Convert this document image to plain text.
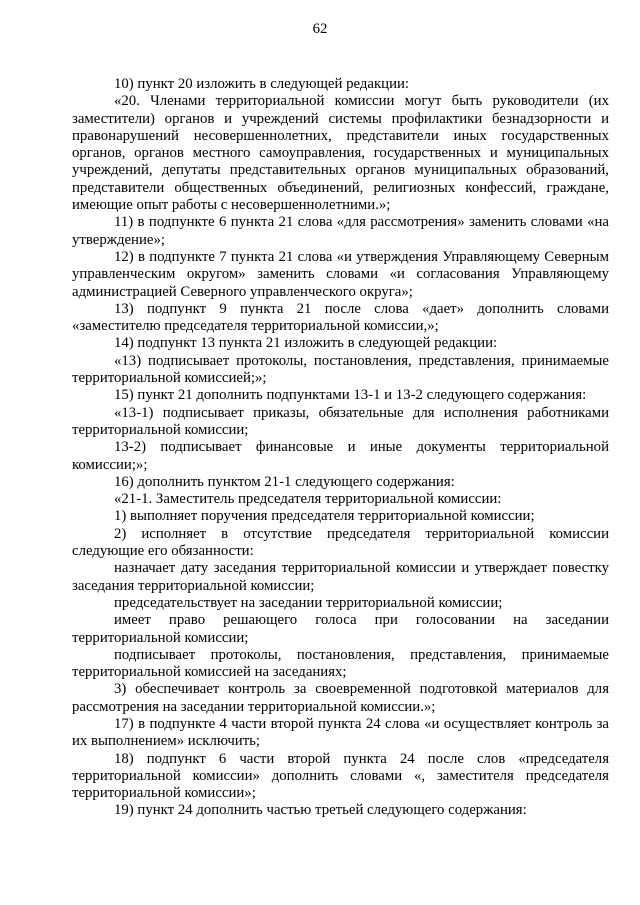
62

10) пункт 20 изложить в следующей редакции:

«20. Членами территориальной комиссии могут быть руководители (их заместители) органов и учреждений системы профилактики безнадзорности и правонарушений несовершеннолетних, представители иных государственных органов, органов местного самоуправления, государственных и муниципальных учреждений, депутаты представительных органов муниципальных образований, представители общественных объединений, религиозных конфессий, граждане, имеющие опыт работы с несовершеннолетними.»;

11) в подпункте 6 пункта 21 слова «для рассмотрения» заменить словами «на утверждение»;

12) в подпункте 7 пункта 21 слова «и утверждения Управляющему Северным управленческим округом» заменить словами «и согласования Управляющему администрацией Северного управленческого округа»;

13) подпункт 9 пункта 21 после слова «дает» дополнить словами «заместителю председателя территориальной комиссии,»;

14) подпункт 13 пункта 21 изложить в следующей редакции:

«13) подписывает протоколы, постановления, представления, принимаемые территориальной комиссией;»;

15) пункт 21 дополнить подпунктами 13-1 и 13-2 следующего содержания:

«13-1) подписывает приказы, обязательные для исполнения работниками территориальной комиссии;

13-2) подписывает финансовые и иные документы территориальной комиссии;»;

16) дополнить пунктом 21-1 следующего содержания:

«21-1. Заместитель председателя территориальной комиссии:

1) выполняет поручения председателя территориальной комиссии;

2) исполняет в отсутствие председателя территориальной комиссии следующие его обязанности:

назначает дату заседания территориальной комиссии и утверждает повестку заседания территориальной комиссии;

председательствует на заседании территориальной комиссии;

имеет право решающего голоса при голосовании на заседании территориальной комиссии;

подписывает протоколы, постановления, представления, принимаемые территориальной комиссией на заседаниях;

3) обеспечивает контроль за своевременной подготовкой материалов для рассмотрения на заседании территориальной комиссии.»;

17) в подпункте 4 части второй пункта 24 слова «и осуществляет контроль за их выполнением» исключить;

18) подпункт 6 части второй пункта 24 после слов «председателя территориальной комиссии» дополнить словами «, заместителя председателя территориальной комиссии»;

19) пункт 24 дополнить частью третьей следующего содержания:
